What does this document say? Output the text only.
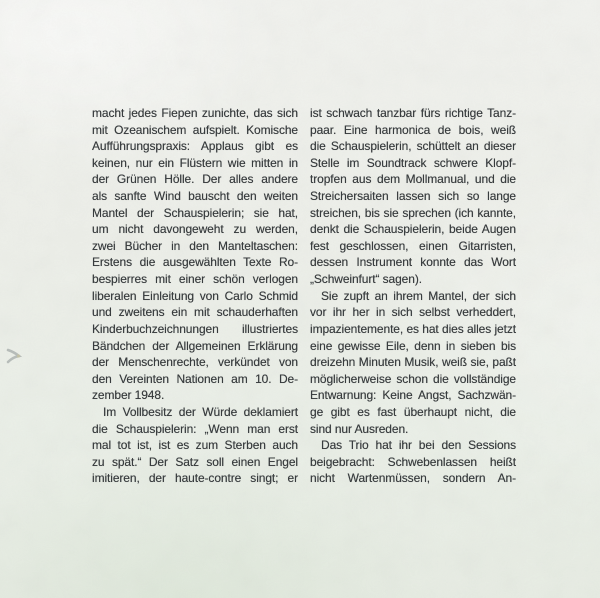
macht jedes Fiepen zunichte, das sich
mit Ozeanischem aufspielt. Komische
Aufführungspraxis: Applaus gibt es
keinen, nur ein Flüstern wie mitten in
der Grünen Hölle. Der alles andere
als sanfte Wind bauscht den weiten
Mantel der Schauspielerin; sie hat,
um nicht davongeweht zu werden,
zwei Bücher in den Manteltaschen:
Erstens die ausgewählten Texte Ro-
bespierres mit einer schön verlogen
liberalen Einleitung von Carlo Schmid
und zweitens ein mit schauderhaften
Kinderbuchzeichnungen illustriertes
Bändchen der Allgemeinen Erklärung
der Menschenrechte, verkündet von
den Vereinten Nationen am 10. De-
zember 1948.
Im Vollbesitz der Würde deklamiert
die Schauspielerin: „Wenn man erst
mal tot ist, ist es zum Sterben auch
zu spät.“ Der Satz soll einen Engel
imitieren, der haute-contre singt; er
ist schwach tanzbar fürs richtige Tanz-
paar. Eine harmonica de bois, weiß
die Schauspielerin, schüttelt an dieser
Stelle im Soundtrack schwere Klopf-
tropfen aus dem Mollmanual, und die
Streichersaiten lassen sich so lange
streichen, bis sie sprechen (ich kannte,
denkt die Schauspielerin, beide Augen
fest geschlossen, einen Gitarristen,
dessen Instrument konnte das Wort
„Schweinfurt“ sagen).
Sie zupft an ihrem Mantel, der sich
vor ihr her in sich selbst verheddert,
impazientemente, es hat dies alles jetzt
eine gewisse Eile, denn in sieben bis
dreizehn Minuten Musik, weiß sie, paßt
möglicherweise schon die vollständige
Entwarnung: Keine Angst, Sachzwän-
ge gibt es fast überhaupt nicht, die
sind nur Ausreden.
Das Trio hat ihr bei den Sessions
beigebracht: Schwebenlassen heißt
nicht Wartenmüssen, sondern An-
